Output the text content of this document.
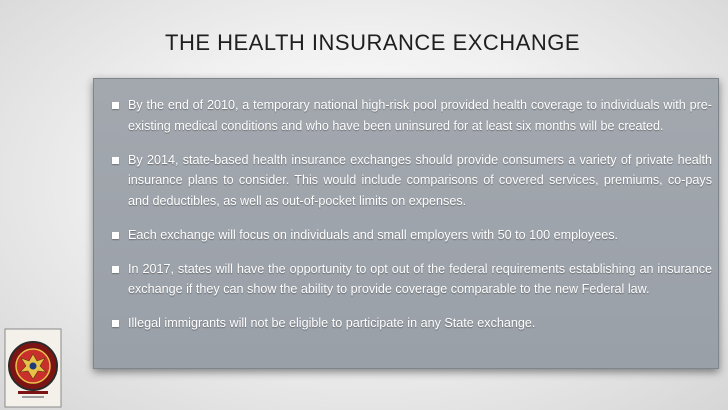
THE HEALTH INSURANCE EXCHANGE
By the end of 2010, a temporary national high-risk pool provided health coverage to individuals with pre-existing medical conditions and who have been uninsured for at least six months will be created.
By 2014, state-based health insurance exchanges should provide consumers a variety of private health insurance plans to consider. This would include comparisons of covered services, premiums, co-pays and deductibles, as well as out-of-pocket limits on expenses.
Each exchange will focus on individuals and small employers with 50 to 100 employees.
In 2017, states will have the opportunity to opt out of the federal requirements establishing an insurance exchange if they can show the ability to provide coverage comparable to the new Federal law.
Illegal immigrants will not be eligible to participate in any State exchange.
